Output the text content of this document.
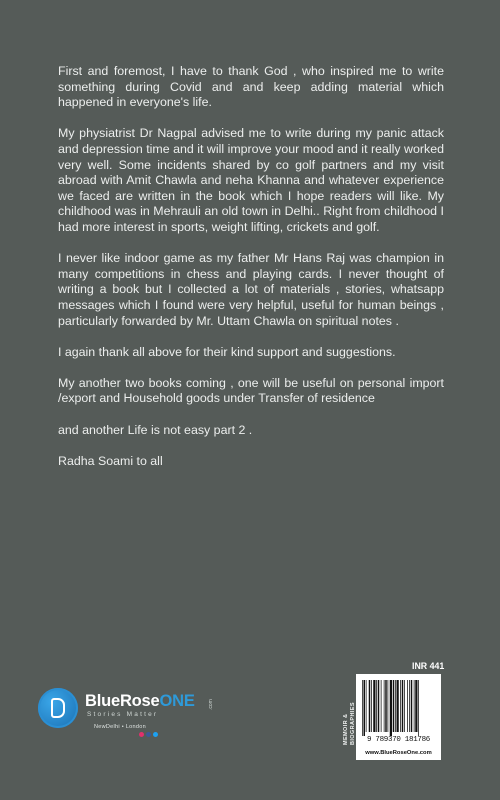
First and foremost, I have to thank God , who inspired me to write something during Covid and and keep adding material which happened in everyone's life.

My physiatrist Dr Nagpal advised me to write during my panic attack and depression time and it will improve your mood and it really worked very well. Some incidents shared by co golf partners and my visit abroad with Amit Chawla and neha Khanna and whatever experience we faced are written in the book which I hope readers will like. My childhood was in Mehrauli an old town in Delhi.. Right from childhood I had more interest in sports, weight lifting, crickets and golf.

I never like indoor game as my father Mr Hans Raj was champion in many competitions in chess and playing cards. I never thought of writing a book but I collected a lot of materials , stories, whatsapp messages which I found were very helpful, useful for human beings , particularly forwarded by Mr. Uttam Chawla on spiritual notes .

I again thank all above for their kind support and suggestions.

My another two books coming , one will be useful on personal import /export and Household goods under Transfer of residence

and another Life is not easy part 2 .

Radha Soami to all

BlueRoseONE	.com
Stories Matter
NewDelhi • London	MEMOIR & BIOGRAPHIES
INR 441
9 789370 181786
www.BlueRoseOne.com
